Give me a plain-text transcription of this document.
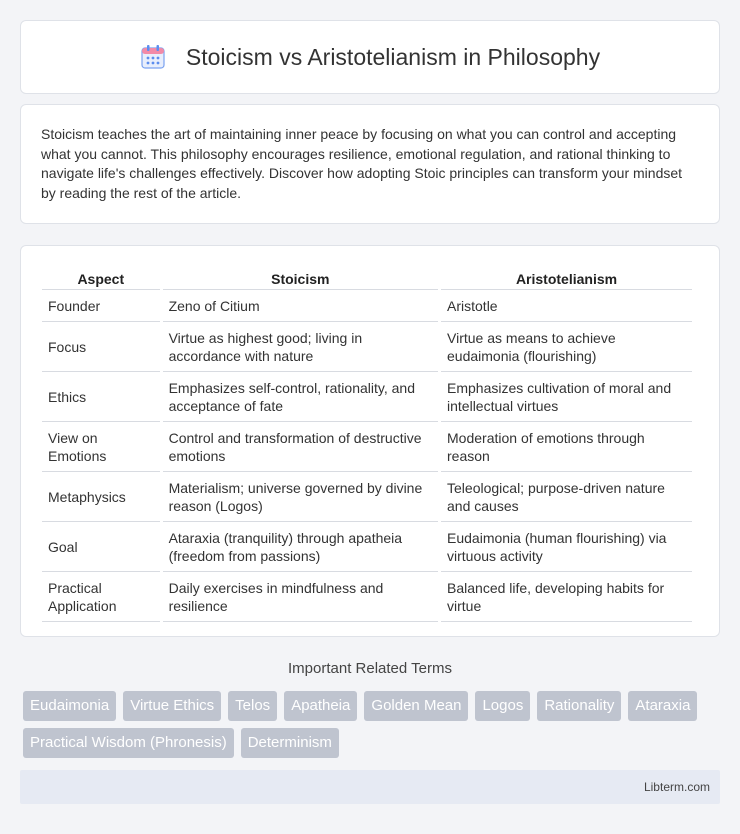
Stoicism vs Aristotelianism in Philosophy

Stoicism teaches the art of maintaining inner peace by focusing on what you can control and accepting what you cannot. This philosophy encourages resilience, emotional regulation, and rational thinking to navigate life's challenges effectively. Discover how adopting Stoic principles can transform your mindset by reading the rest of the article.

Aspect	Stoicism	Aristotelianism
Founder	Zeno of Citium	Aristotle
Focus	Virtue as highest good; living in accordance with nature	Virtue as means to achieve eudaimonia (flourishing)
Ethics	Emphasizes self-control, rationality, and acceptance of fate	Emphasizes cultivation of moral and intellectual virtues
View on Emotions	Control and transformation of destructive emotions	Moderation of emotions through reason
Metaphysics	Materialism; universe governed by divine reason (Logos)	Teleological; purpose-driven nature and causes
Goal	Ataraxia (tranquility) through apatheia (freedom from passions)	Eudaimonia (human flourishing) via virtuous activity
Practical Application	Daily exercises in mindfulness and resilience	Balanced life, developing habits for virtue
Important Related Terms
Eudaimonia	Virtue Ethics	Telos	Apatheia	Golden Mean	Logos	Rationality	Ataraxia
Practical Wisdom (Phronesis)	Determinism
Libterm.com
